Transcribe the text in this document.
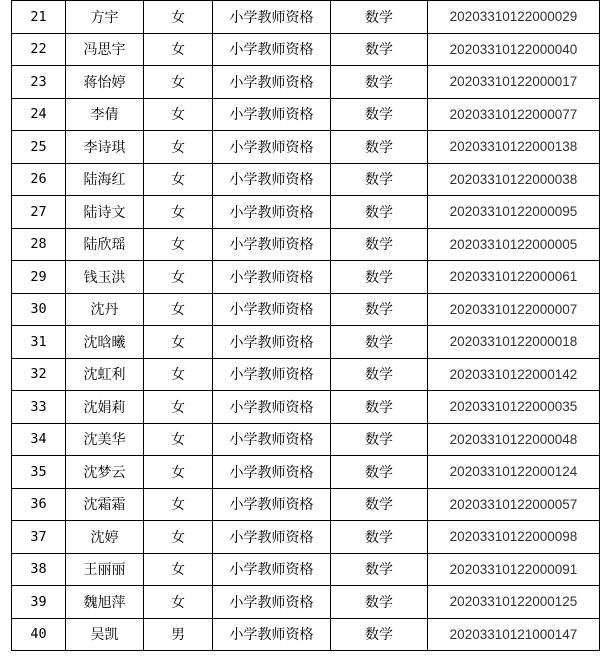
21	方宇	女	小学教师资格	数学	20203310122000029
22	冯思宇	女	小学教师资格	数学	20203310122000040
23	蒋怡婷	女	小学教师资格	数学	20203310122000017
24	李倩	女	小学教师资格	数学	20203310122000077
25	李诗琪	女	小学教师资格	数学	20203310122000138
26	陆海红	女	小学教师资格	数学	20203310122000038
27	陆诗文	女	小学教师资格	数学	20203310122000095
28	陆欣瑶	女	小学教师资格	数学	20203310122000005
29	钱玉洪	女	小学教师资格	数学	20203310122000061
30	沈丹	女	小学教师资格	数学	20203310122000007
31	沈晗曦	女	小学教师资格	数学	20203310122000018
32	沈虹利	女	小学教师资格	数学	20203310122000142
33	沈娟莉	女	小学教师资格	数学	20203310122000035
34	沈美华	女	小学教师资格	数学	20203310122000048
35	沈梦云	女	小学教师资格	数学	20203310122000124
36	沈霜霜	女	小学教师资格	数学	20203310122000057
37	沈婷	女	小学教师资格	数学	20203310122000098
38	王丽丽	女	小学教师资格	数学	20203310122000091
39	魏旭萍	女	小学教师资格	数学	20203310122000125
40	吴凯	男	小学教师资格	数学	20203310121000147
